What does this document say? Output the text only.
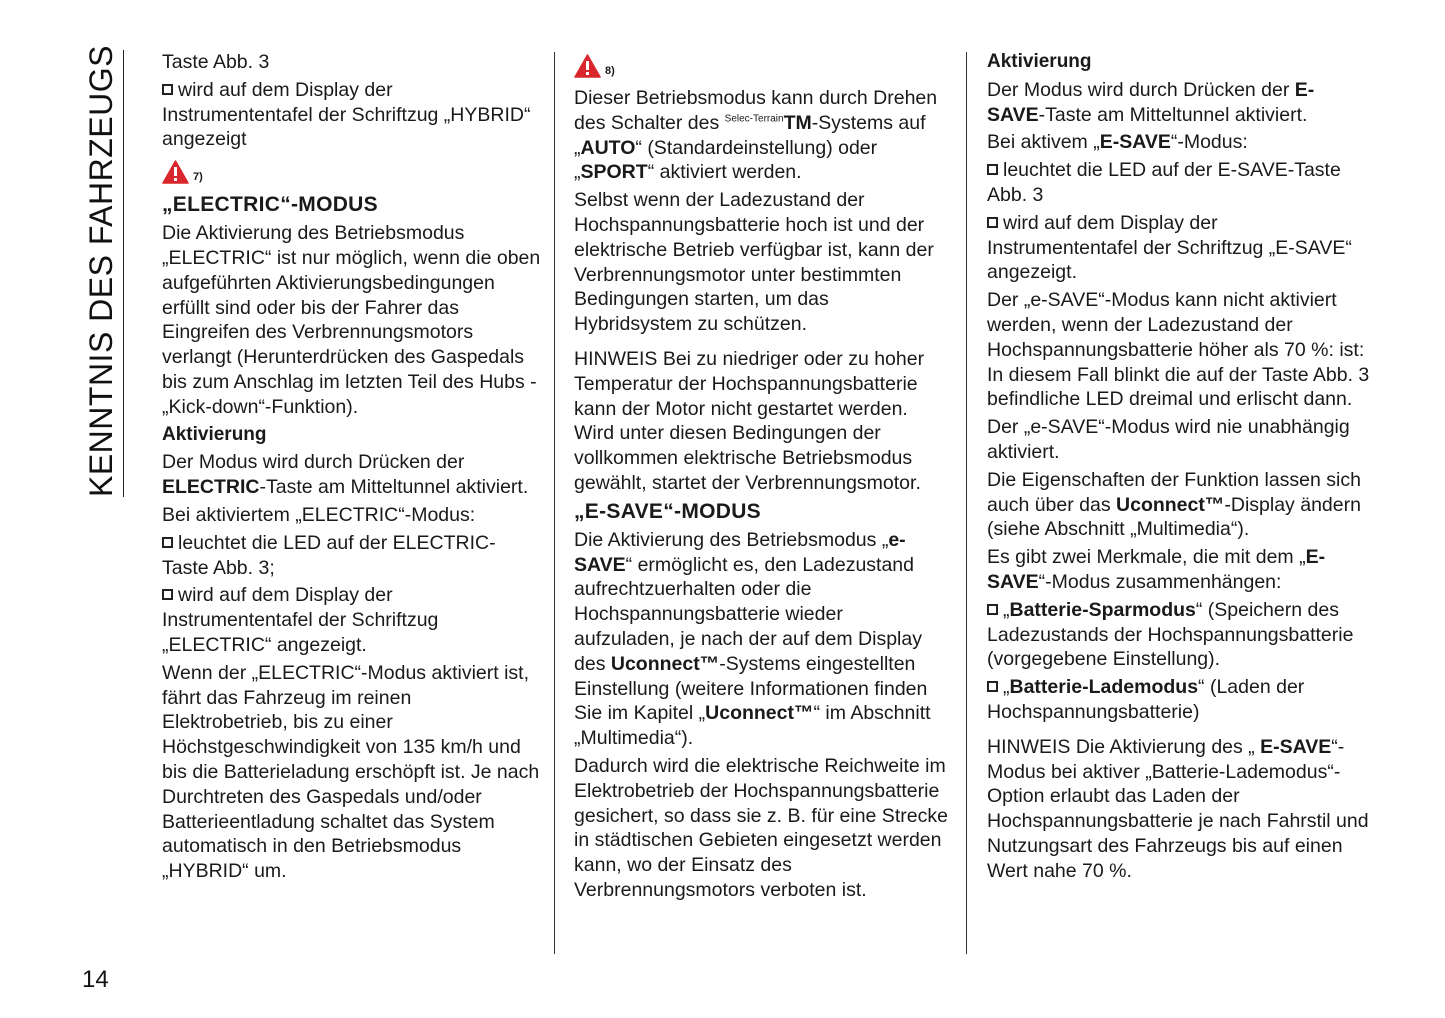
KENNTNIS DES FAHRZEUGS Taste Abb. 3

wird auf dem Display der Instrumententafel der Schriftzug „HYBRID“ angezeigt

7)

„ELECTRIC“-MODUS

Die Aktivierung des Betriebsmodus „ELECTRIC“ ist nur möglich, wenn die oben aufgeführten Aktivierungsbedingungen erfüllt sind oder bis der Fahrer das Eingreifen des Verbrennungsmotors verlangt (Herunterdrücken des Gaspedals bis zum Anschlag im letzten Teil des Hubs - „Kick-down“-Funktion).

Aktivierung

Der Modus wird durch Drücken der ELECTRIC-Taste am Mitteltunnel aktiviert.

Bei aktiviertem „ELECTRIC“-Modus:

leuchtet die LED auf der ELECTRIC-Taste Abb. 3;

wird auf dem Display der Instrumententafel der Schriftzug „ELECTRIC“ angezeigt.

Wenn der „ELECTRIC“-Modus aktiviert ist, fährt das Fahrzeug im reinen Elektrobetrieb, bis zu einer Höchstgeschwindigkeit von 135 km/h und bis die Batterieladung erschöpft ist. Je nach Durchtreten des Gaspedals und/oder Batterieentladung schaltet das System automatisch in den Betriebsmodus „HYBRID“ um.

8)

Dieser Betriebsmodus kann durch Drehen des Schalter des $^{Selec-Terrain}$TM-Systems auf „AUTO“ (Standardeinstellung) oder „SPORT“ aktiviert werden.

Selbst wenn der Ladezustand der Hochspannungsbatterie hoch ist und der elektrische Betrieb verfügbar ist, kann der Verbrennungsmotor unter bestimmten Bedingungen starten, um das Hybridsystem zu schützen.

HINWEIS Bei zu niedriger oder zu hoher Temperatur der Hochspannungsbatterie kann der Motor nicht gestartet werden. Wird unter diesen Bedingungen der vollkommen elektrische Betriebsmodus gewählt, startet der Verbrennungsmotor.

„E-SAVE“-MODUS

Die Aktivierung des Betriebsmodus „e-SAVE“ ermöglicht es, den Ladezustand aufrechtzuerhalten oder die Hochspannungsbatterie wieder aufzuladen, je nach der auf dem Display des Uconnect™-Systems eingestellten Einstellung (weitere Informationen finden Sie im Kapitel „Uconnect™“ im Abschnitt „Multimedia“).

Dadurch wird die elektrische Reichweite im Elektrobetrieb der Hochspannungsbatterie gesichert, so dass sie z. B. für eine Strecke in städtischen Gebieten eingesetzt werden kann, wo der Einsatz des Verbrennungsmotors verboten ist.

Aktivierung

Der Modus wird durch Drücken der E-SAVE-Taste am Mitteltunnel aktiviert.

Bei aktivem „E-SAVE“-Modus:

leuchtet die LED auf der E-SAVE-Taste Abb. 3

wird auf dem Display der Instrumententafel der Schriftzug „E-SAVE“ angezeigt.

Der „e-SAVE“-Modus kann nicht aktiviert werden, wenn der Ladezustand der Hochspannungsbatterie höher als 70 %: ist: In diesem Fall blinkt die auf der Taste Abb. 3 befindliche LED dreimal und erlischt dann.

Der „e-SAVE“-Modus wird nie unabhängig aktiviert.

Die Eigenschaften der Funktion lassen sich auch über das Uconnect™-Display ändern (siehe Abschnitt „Multimedia“).

Es gibt zwei Merkmale, die mit dem „E-SAVE“-Modus zusammenhängen:

„Batterie-Sparmodus“ (Speichern des Ladezustands der Hochspannungsbatterie (vorgegebene Einstellung).

„Batterie-Lademodus“ (Laden der Hochspannungsbatterie)

HINWEIS Die Aktivierung des „ E-SAVE“-Modus bei aktiver „Batterie-Lademodus“-Option erlaubt das Laden der Hochspannungsbatterie je nach Fahrstil und Nutzungsart des Fahrzeugs bis auf einen Wert nahe 70 %.

14
